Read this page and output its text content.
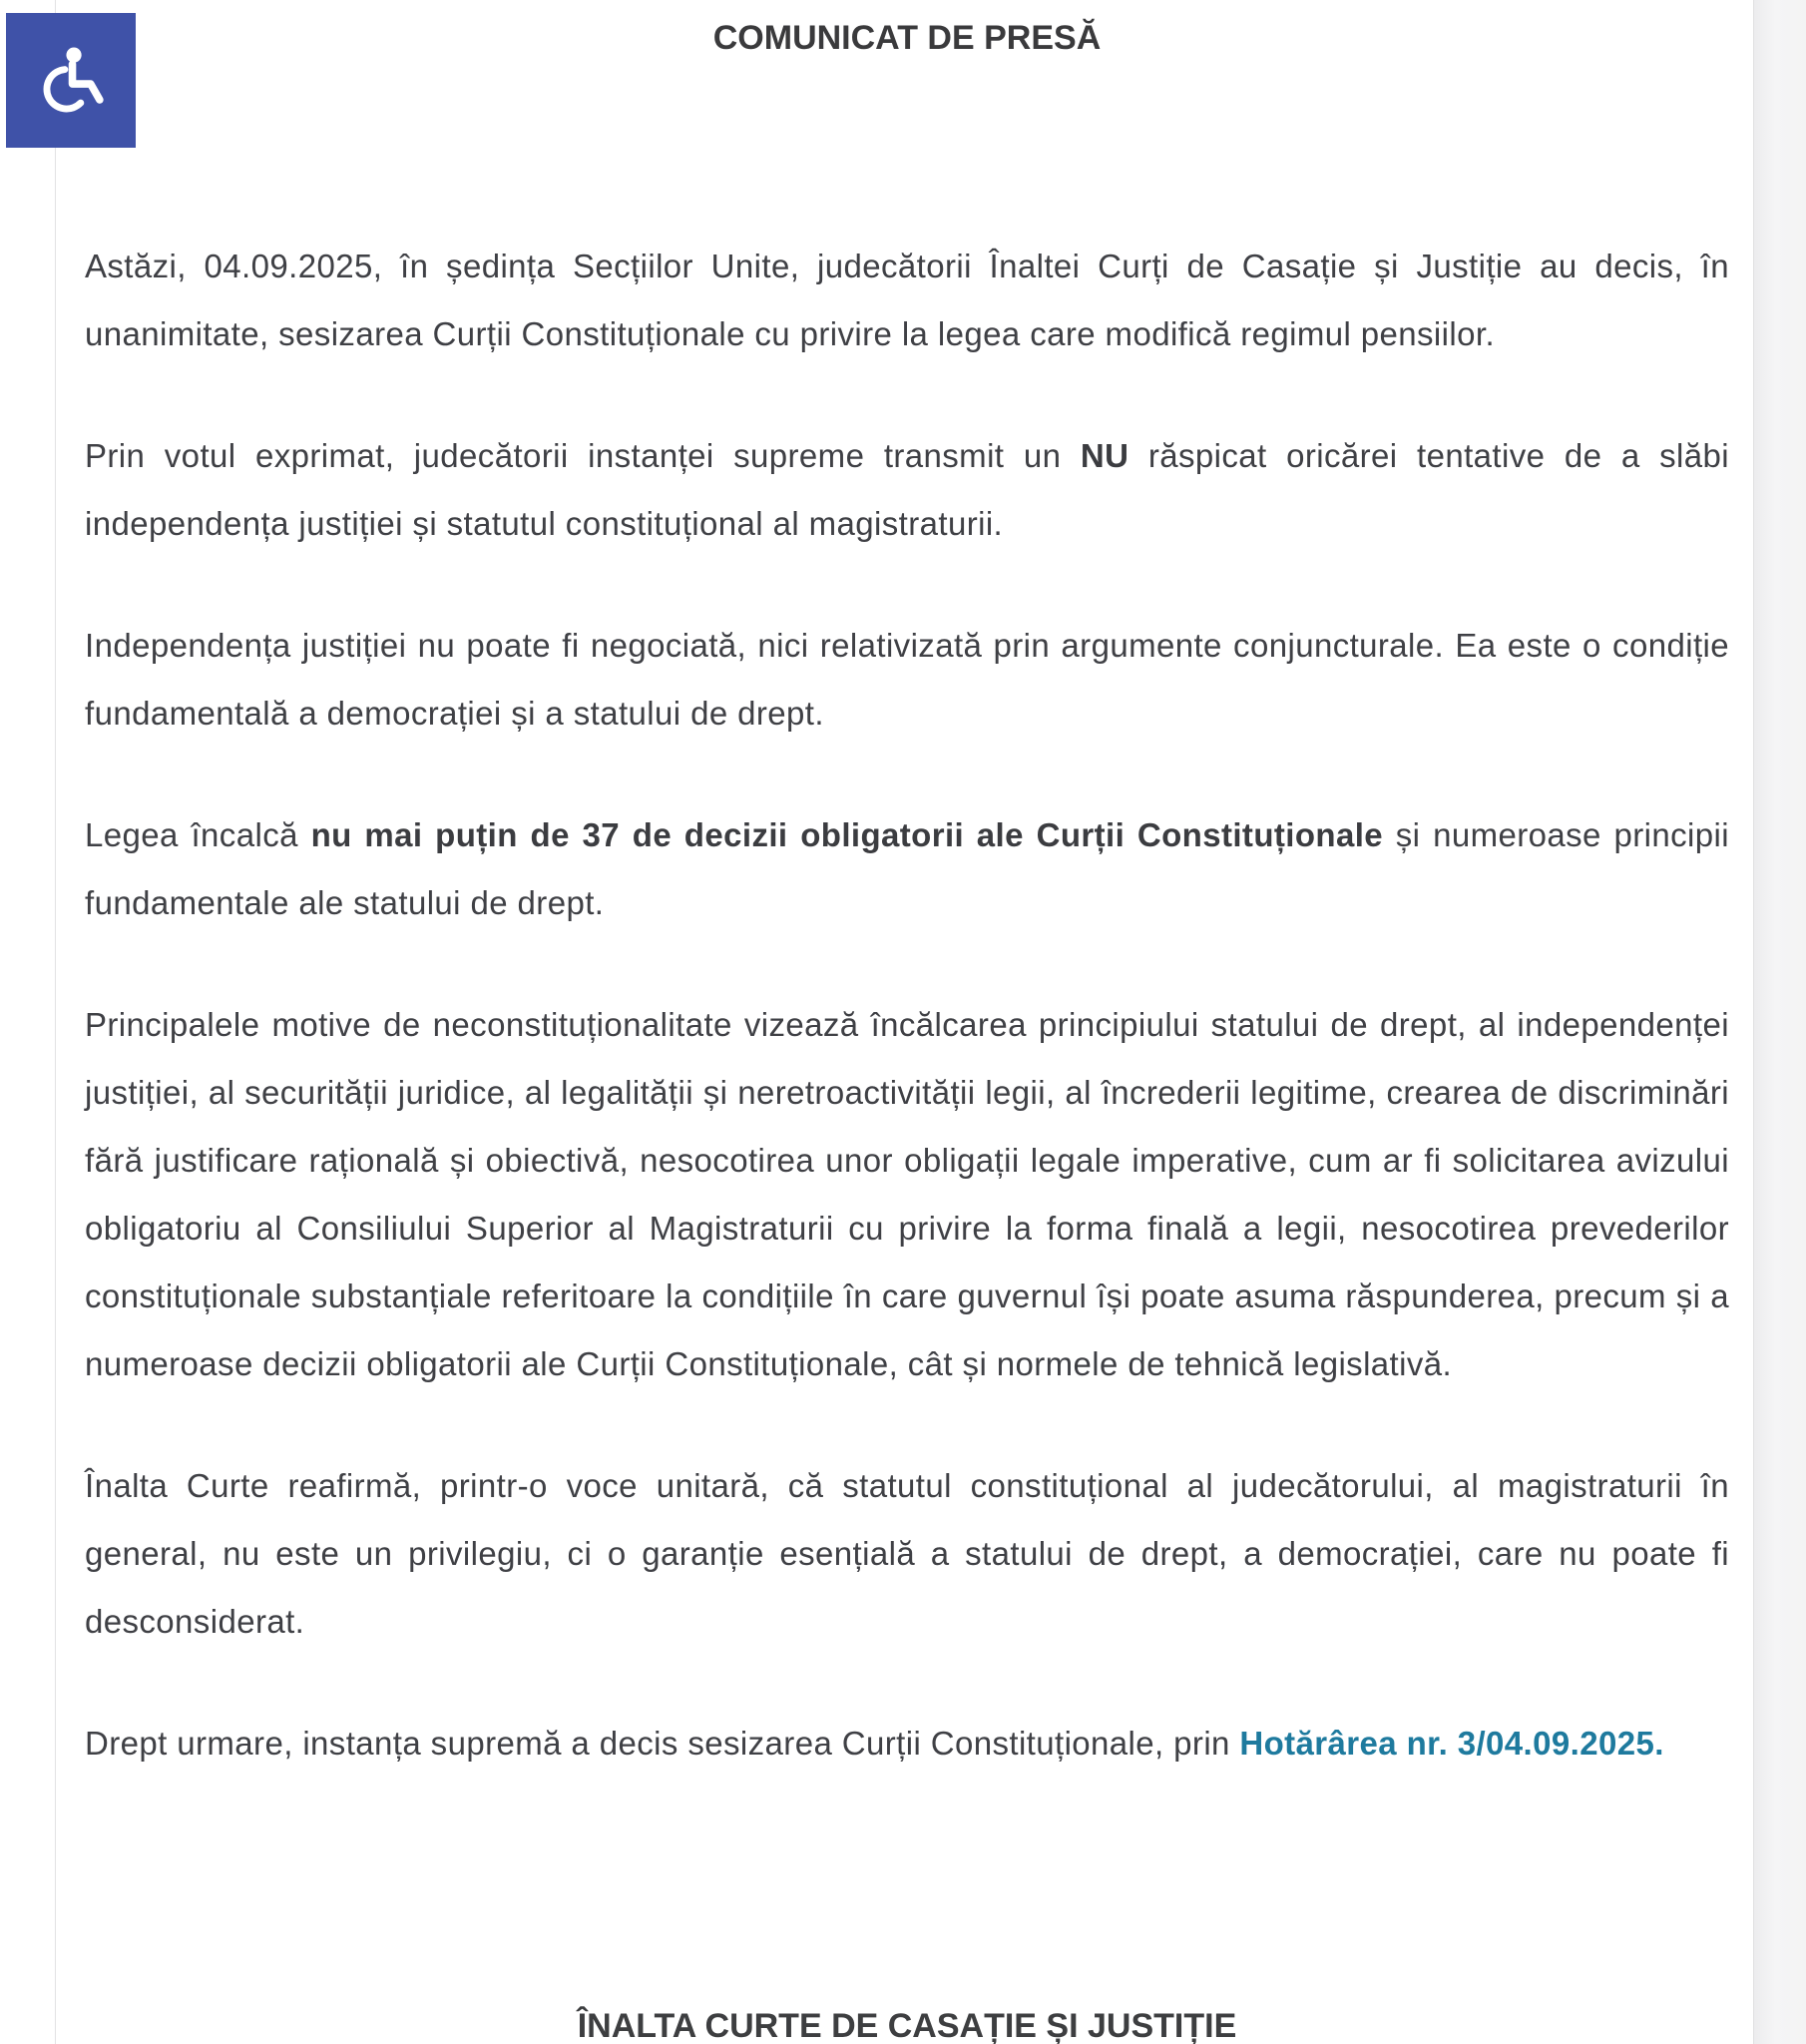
COMUNICAT DE PRESĂ

Astăzi, 04.09.2025, în ședința Secțiilor Unite, judecătorii Înaltei Curți de Casație și Justiție au decis, în unanimitate, sesizarea Curții Constituționale cu privire la legea care modifică regimul pensiilor.

Prin votul exprimat, judecătorii instanței supreme transmit un NU răspicat oricărei tentative de a slăbi independența justiției și statutul constituțional al magistraturii.

Independența justiției nu poate fi negociată, nici relativizată prin argumente conjuncturale. Ea este o condiție fundamentală a democrației și a statului de drept.

Legea încalcă nu mai puțin de 37 de decizii obligatorii ale Curții Constituționale și numeroase principii fundamentale ale statului de drept.

Principalele motive de neconstituționalitate vizează încălcarea principiului statului de drept, al independenței justiției, al securității juridice, al legalității și neretroactivității legii, al încrederii legitime, crearea de discriminări fără justificare rațională și obiectivă, nesocotirea unor obligații legale imperative, cum ar fi solicitarea avizului obligatoriu al Consiliului Superior al Magistraturii cu privire la forma finală a legii, nesocotirea prevederilor constituționale substanțiale referitoare la condițiile în care guvernul își poate asuma răspunderea, precum și a numeroase decizii obligatorii ale Curții Constituționale, cât și normele de tehnică legislativă.

Înalta Curte reafirmă, printr-o voce unitară, că statutul constituțional al judecătorului, al magistraturii în general, nu este un privilegiu, ci o garanție esențială a statului de drept, a democrației, care nu poate fi desconsiderat.

Drept urmare, instanța supremă a decis sesizarea Curții Constituționale, prin Hotărârea nr. 3/04.09.2025.

ÎNALTA CURTE DE CASAȚIE ȘI JUSTIȚIE
